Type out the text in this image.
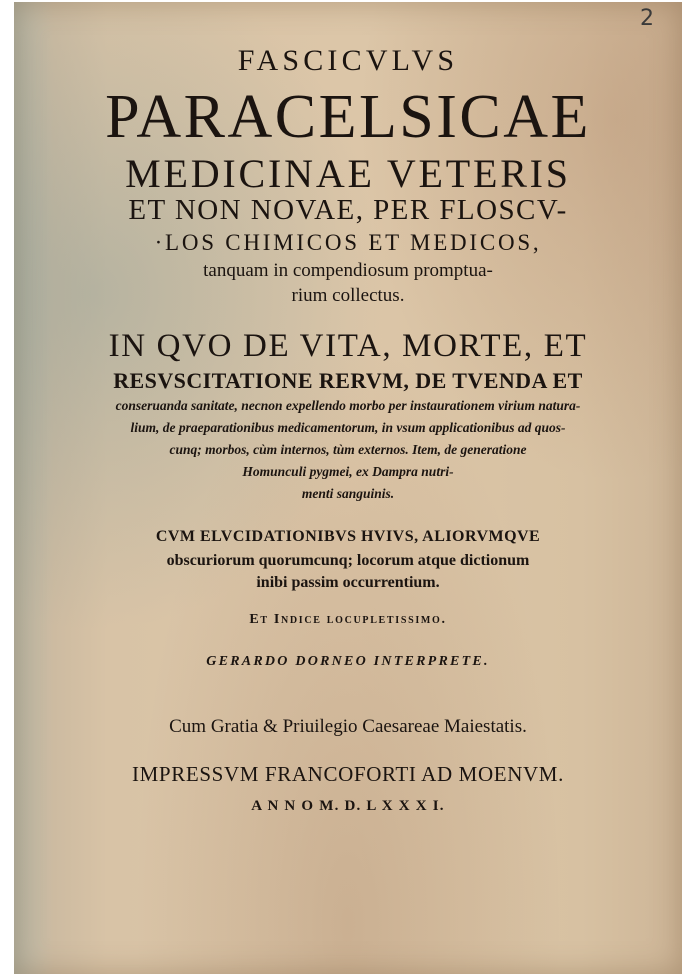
2
FASCICVLVS
PARACELSICAE
MEDICINAE VETERIS
ET NON NOVAE, PER FLOSCV-
·LOS CHIMICOS ET MEDICOS,
tanquam in compendiosum promptua-
rium collectus.
IN QVO DE VITA, MORTE, ET
RESVSCITATIONE RERVM, DE TVENDA ET
conseruanda sanitate, necnon expellendo morbo per instaurationem virium natura-
lium, de praeparationibus medicamentorum, in vsum applicationibus ad quos-
cunq; morbos, cùm internos, tùm externos. Item, de generatione
Homunculi pygmei, ex Dampra nutri-
menti sanguinis.
CVM ELVCIDATIONIBVS HVIVS, ALIORVMQVE
obscuriorum quorumcunq; locorum atque dictionum
inibi passim occurrentium.
Et Indice locupletissimo.
GERARDO DORNEO INTERPRETE.
Cum Gratia & Priuilegio Caesareae Maiestatis.
IMPRESSVM FRANCOFORTI AD MOENVM.
A N N O M. D. L X X X I.
